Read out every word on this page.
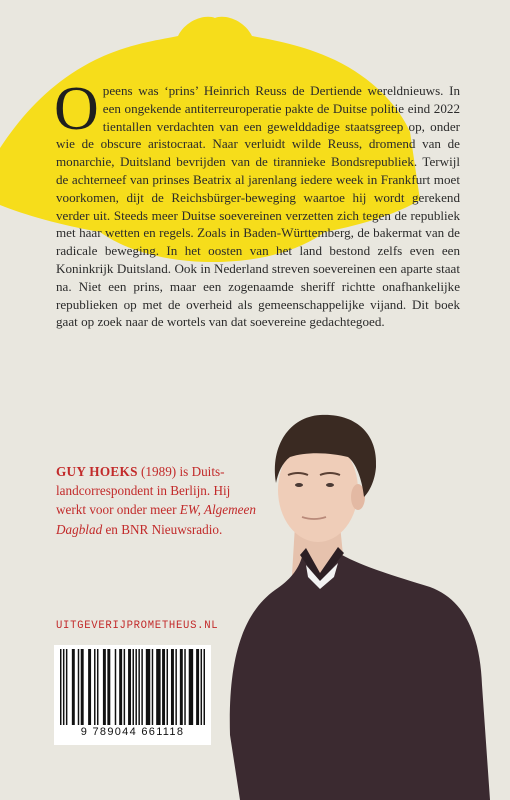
Opeens was ‘prins’ Heinrich Reuss de Dertiende wereldnieuws. In een ongekende antiterreuroperatie pakte de Duitse politie eind 2022 tientallen verdachten van een gewelddadige staatsgreep op, onder wie de obscure aristocraat. Naar verluidt wilde Reuss, dromend van de monarchie, Duitsland bevrijden van de tirannieke Bondsrepubliek. Terwijl de achterneef van prinses Beatrix al jarenlang iedere week in Frankfurt moet voorkomen, dijt de Reichsbürger-beweging waartoe hij wordt gerekend verder uit. Steeds meer Duitse soevereinen verzetten zich tegen de republiek met haar wetten en regels. Zoals in Baden-Württemberg, de bakermat van de radicale beweging. In het oosten van het land bestond zelfs even een Koninkrijk Duitsland. Ook in Nederland streven soevereinen een aparte staat na. Niet een prins, maar een zogenaamde sheriff richtte onafhankelijke republieken op met de overheid als gemeenschappelijke vijand. Dit boek gaat op zoek naar de wortels van dat soevereine gedachtegoed.

GUY HOEKS (1989) is Duitslandcorrespondent in Berlijn. Hij werkt voor onder meer EW, Algemeen Dagblad en BNR Nieuwsradio.

UITGEVERIJPROMETHEUS.NL
9 789044 661118
